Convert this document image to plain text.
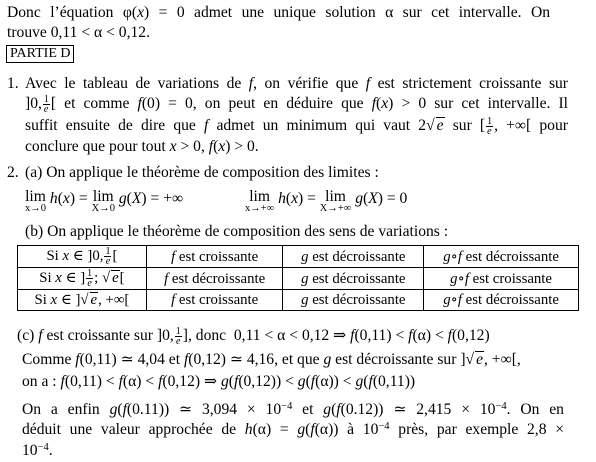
Donc l’équation φ(x) = 0 admet une unique solution α sur cet intervalle. On
trouve 0,11 < α < 0,12.
PARTIE D
1. Avec le tableau de variations de f, on vérifie que f est strictement croissante sur
]0, $\frac{1}{e}$ [ et comme f(0) = 0, on peut en déduire que f(x) > 0 sur cet intervalle. Il
suffit ensuite de dire que f admet un minimum qui vaut 2√ e sur [ $\frac{1}{e}$ , +∞[ pour
conclure que pour tout x > 0, f(x) > 0.
2. (a) On applique le théorème de composition des limites :
lim
x→0
h(x) = lim
X→0
g(X) = +∞	lim
x→+∞
h(x) = lim
X→+∞
g(X) = 0
(b) On applique le théorème de composition des sens de variations :
Si x ∈ ]0, $\frac{1}{e}$ [	f est croissante	g est décroissante	g∘f est décroissante
Si x ∈ ] $\frac{1}{e}$ ; √ e[	f est décroissante	g est décroissante	g∘f est croissante
Si x ∈ ]√ e, +∞[	f est croissante	g est décroissante	g∘f est décroissante
(c) f est croissante sur ]0, $\frac{1}{e}$ ], donc  0,11 < α < 0,12 ⇒ f(0,11) < f(α) < f(0,12)
Comme f(0,11) ≃ 4,04 et f(0,12) ≃ 4,16, et que g est décroissante sur ]√ e, +∞[,
on a : f(0,11) < f(α) < f(0,12) ⇒ g(f(0,12)) < g(f(α)) < g(f(0,11))
On a enfin g(f(0.11)) ≃ $3,094 \times 10^{-4}$ et g(f(0.12)) ≃ $2,415 \times 10^{-4}$. On en
déduit une valeur approchée de h(α) = g(f(α)) à $10^{-4}$ près, par exemple 2,8 ×
$10^{-4}$.
